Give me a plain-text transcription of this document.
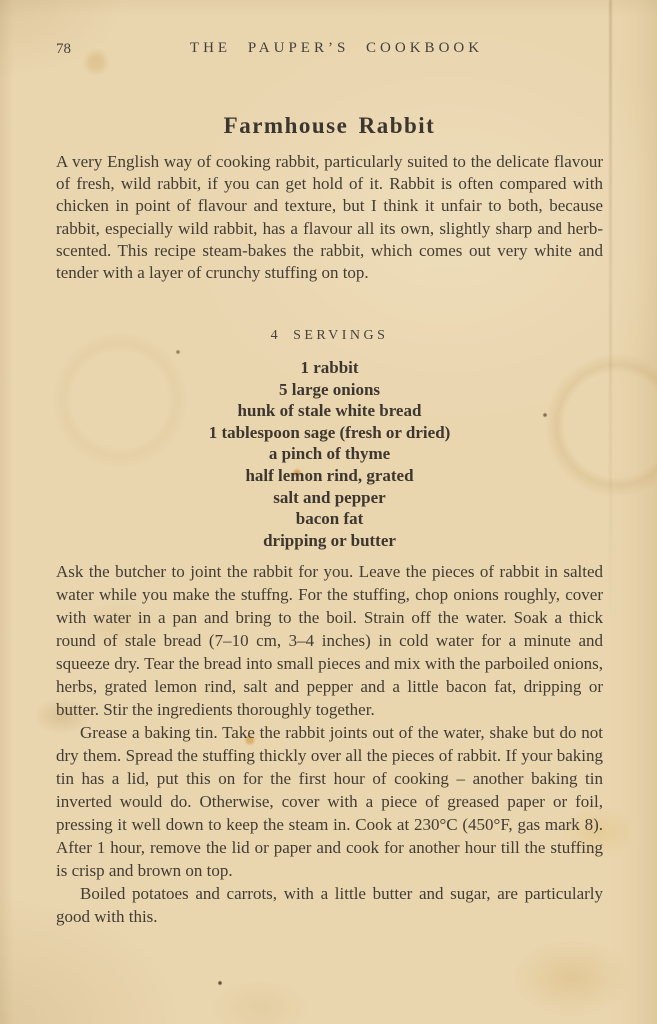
78	THE PAUPER’S COOKBOOK
Farmhouse Rabbit

A very English way of cooking rabbit, particularly suited to the delicate flavour of fresh, wild rabbit, if you can get hold of it. Rabbit is often compared with chicken in point of flavour and texture, but I think it unfair to both, because rabbit, especially wild rabbit, has a flavour all its own, slightly sharp and herb-scented. This recipe steam-bakes the rabbit, which comes out very white and tender with a layer of crunchy stuffing on top.

4 SERVINGS
1 rabbit
5 large onions
hunk of stale white bread
1 tablespoon sage (fresh or dried)
a pinch of thyme
half lemon rind, grated
salt and pepper
bacon fat
dripping or butter

Ask the butcher to joint the rabbit for you. Leave the pieces of rabbit in salted water while you make the stuffng. For the stuffing, chop onions roughly, cover with water in a pan and bring to the boil. Strain off the water. Soak a thick round of stale bread (7–10 cm, 3–4 inches) in cold water for a minute and squeeze dry. Tear the bread into small pieces and mix with the parboiled onions, herbs, grated lemon rind, salt and pepper and a little bacon fat, dripping or butter. Stir the ingredients thoroughly together.

Grease a baking tin. Take the rabbit joints out of the water, shake but do not dry them. Spread the stuffing thickly over all the pieces of rabbit. If your baking tin has a lid, put this on for the first hour of cooking – another baking tin inverted would do. Otherwise, cover with a piece of greased paper or foil, pressing it well down to keep the steam in. Cook at 230°C (450°F, gas mark 8). After 1 hour, remove the lid or paper and cook for another hour till the stuffing is crisp and brown on top.

Boiled potatoes and carrots, with a little butter and sugar, are particularly good with this.
